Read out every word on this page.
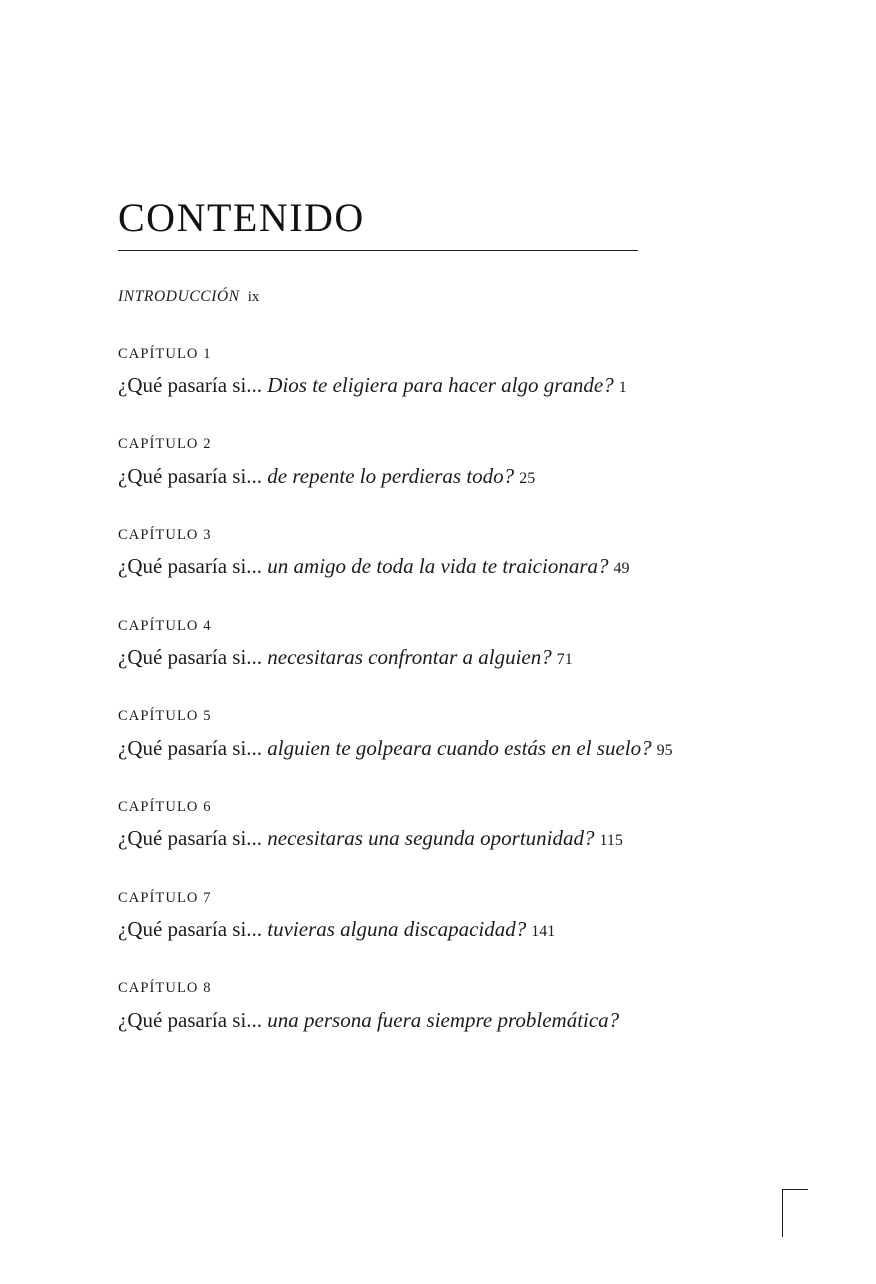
CONTENIDO
INTRODUCCIÓN ix
CAPÍTULO 1
¿Qué pasaría si... Dios te eligiera para hacer algo grande? 1
CAPÍTULO 2
¿Qué pasaría si... de repente lo perdieras todo? 25
CAPÍTULO 3
¿Qué pasaría si... un amigo de toda la vida te traicionara? 49
CAPÍTULO 4
¿Qué pasaría si... necesitaras confrontar a alguien? 71
CAPÍTULO 5
¿Qué pasaría si... alguien te golpeara cuando estás en el suelo? 95
CAPÍTULO 6
¿Qué pasaría si... necesitaras una segunda oportunidad? 115
CAPÍTULO 7
¿Qué pasaría si... tuvieras alguna discapacidad? 141
CAPÍTULO 8
¿Qué pasaría si... una persona fuera siempre problemática?
